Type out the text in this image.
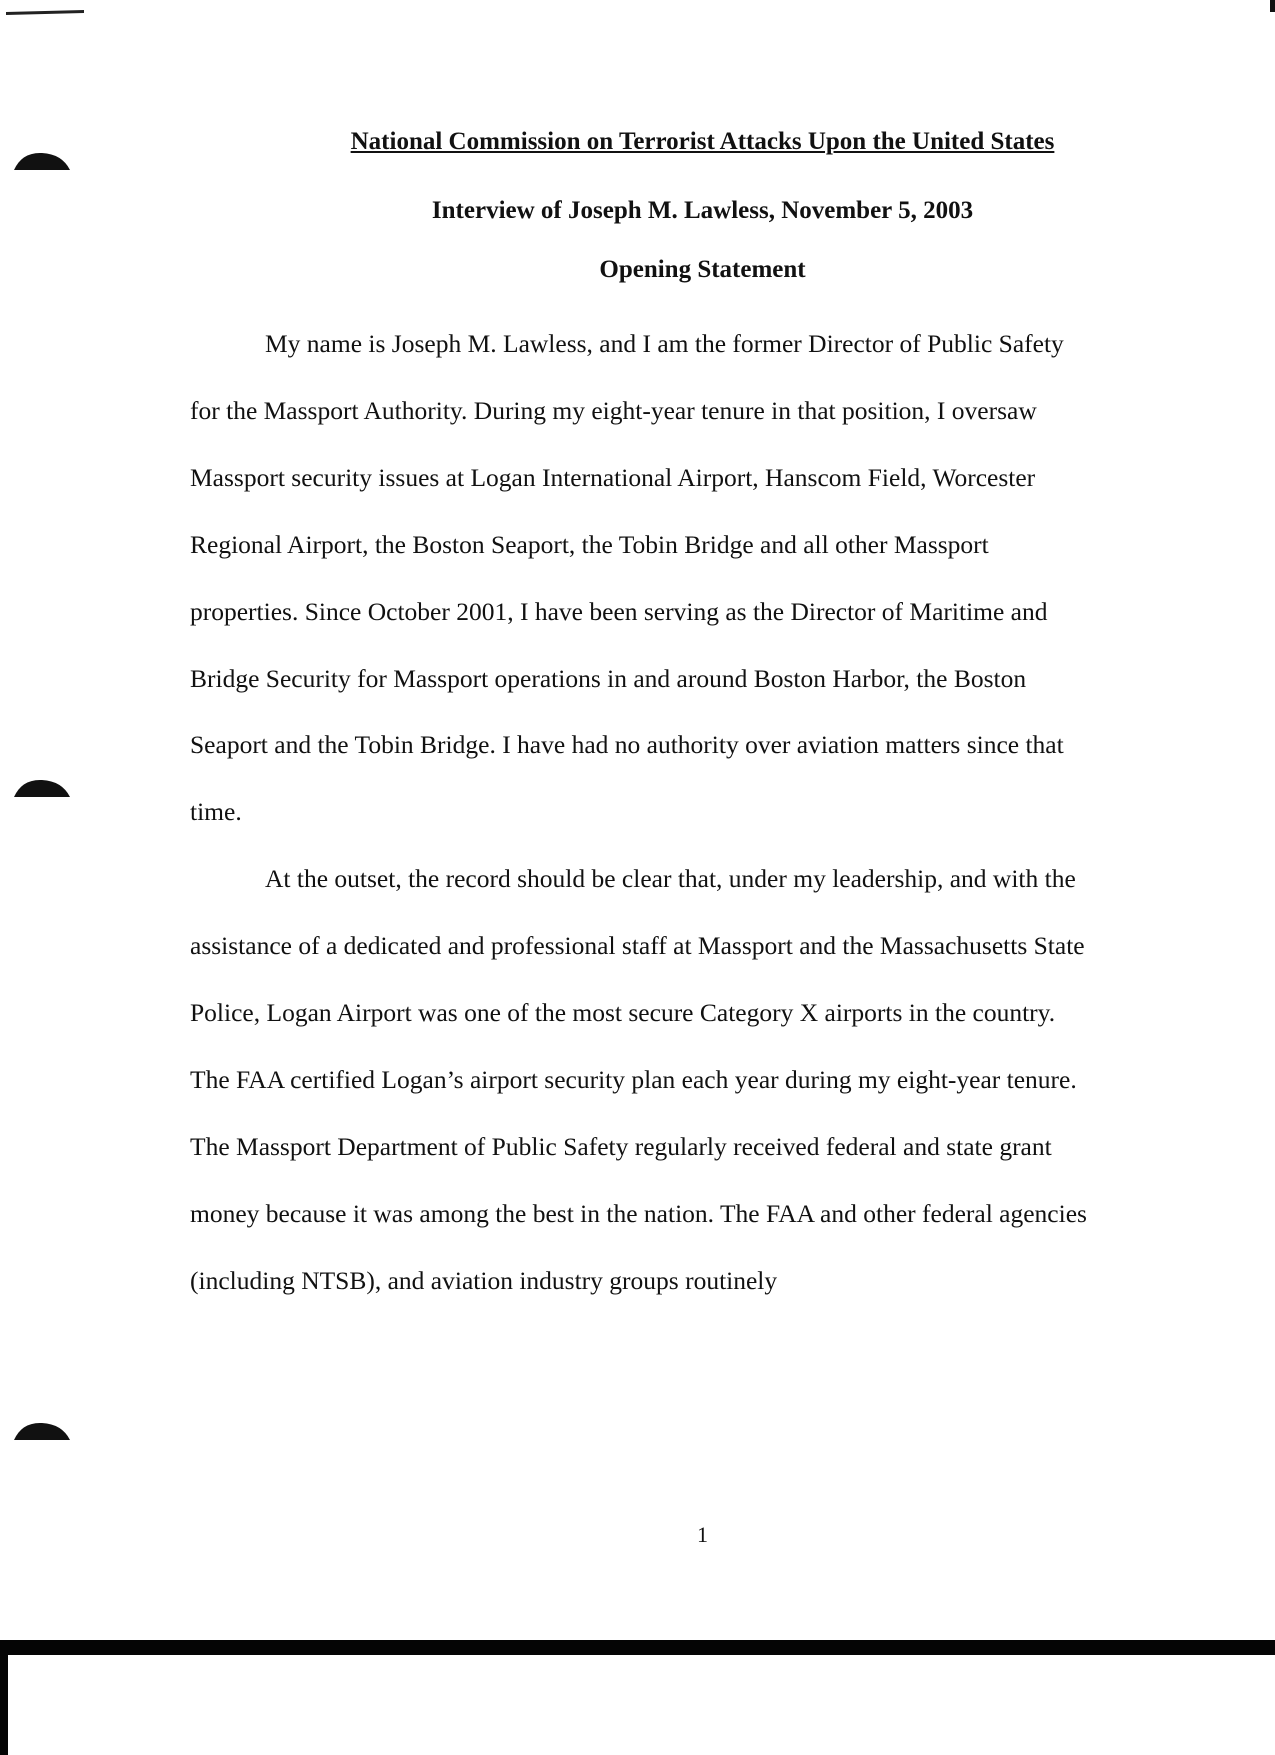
National Commission on Terrorist Attacks Upon the United States
Interview of Joseph M. Lawless, November 5, 2003
Opening Statement

My name is Joseph M. Lawless, and I am the former Director of Public Safety for the Massport Authority. During my eight-year tenure in that position, I oversaw Massport security issues at Logan International Airport, Hanscom Field, Worcester Regional Airport, the Boston Seaport, the Tobin Bridge and all other Massport properties. Since October 2001, I have been serving as the Director of Maritime and Bridge Security for Massport operations in and around Boston Harbor, the Boston Seaport and the Tobin Bridge. I have had no authority over aviation matters since that time.

At the outset, the record should be clear that, under my leadership, and with the assistance of a dedicated and professional staff at Massport and the Massachusetts State Police, Logan Airport was one of the most secure Category X airports in the country. The FAA certified Logan’s airport security plan each year during my eight-year tenure. The Massport Department of Public Safety regularly received federal and state grant money because it was among the best in the nation. The FAA and other federal agencies (including NTSB), and aviation industry groups routinely

1
